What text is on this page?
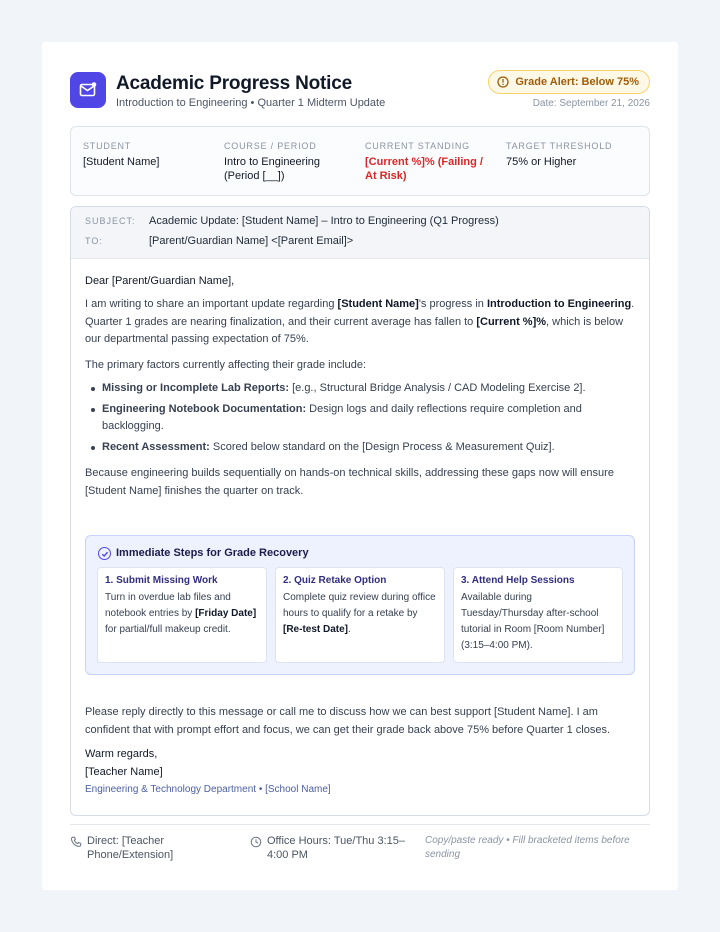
Academic Progress Notice
Introduction to Engineering • Quarter 1 Midterm Update
Grade Alert: Below 75%
Date: September 21, 2026
STUDENT
[Student Name]
COURSE / PERIOD
Intro to Engineering (Period [__])
CURRENT STANDING
[Current %]% (Failing / At Risk)
TARGET THRESHOLD
75% or Higher
SUBJECT: Academic Update: [Student Name] – Intro to Engineering (Q1 Progress)
TO:	[Parent/Guardian Name] <[Parent Email]>
Dear [Parent/Guardian Name],
I am writing to share an important update regarding [Student Name]'s progress in Introduction to Engineering. Quarter 1 grades are nearing finalization, and their current average has fallen to [Current %]%, which is below our departmental passing expectation of 75%.
The primary factors currently affecting their grade include:
Missing or Incomplete Lab Reports: [e.g., Structural Bridge Analysis / CAD Modeling Exercise 2].
Engineering Notebook Documentation: Design logs and daily reflections require completion and backlogging.
Recent Assessment: Scored below standard on the [Design Process & Measurement Quiz].
Because engineering builds sequentially on hands-on technical skills, addressing these gaps now will ensure [Student Name] finishes the quarter on track.
Immediate Steps for Grade Recovery
1. Submit Missing Work
Turn in overdue lab files and notebook entries by [Friday Date] for partial/full makeup credit.
2. Quiz Retake Option
Complete quiz review during office hours to qualify for a retake by [Re-test Date].
3. Attend Help Sessions
Available during Tuesday/Thursday after-school tutorial in Room [Room Number] (3:15–4:00 PM).
Please reply directly to this message or call me to discuss how we can best support [Student Name]. I am confident that with prompt effort and focus, we can get their grade back above 75% before Quarter 1 closes.
Warm regards,
[Teacher Name]
Engineering & Technology Department • [School Name]
Direct: [Teacher Phone/Extension]
Office Hours: Tue/Thu 3:15–4:00 PM
Copy/paste ready • Fill bracketed items before sending
